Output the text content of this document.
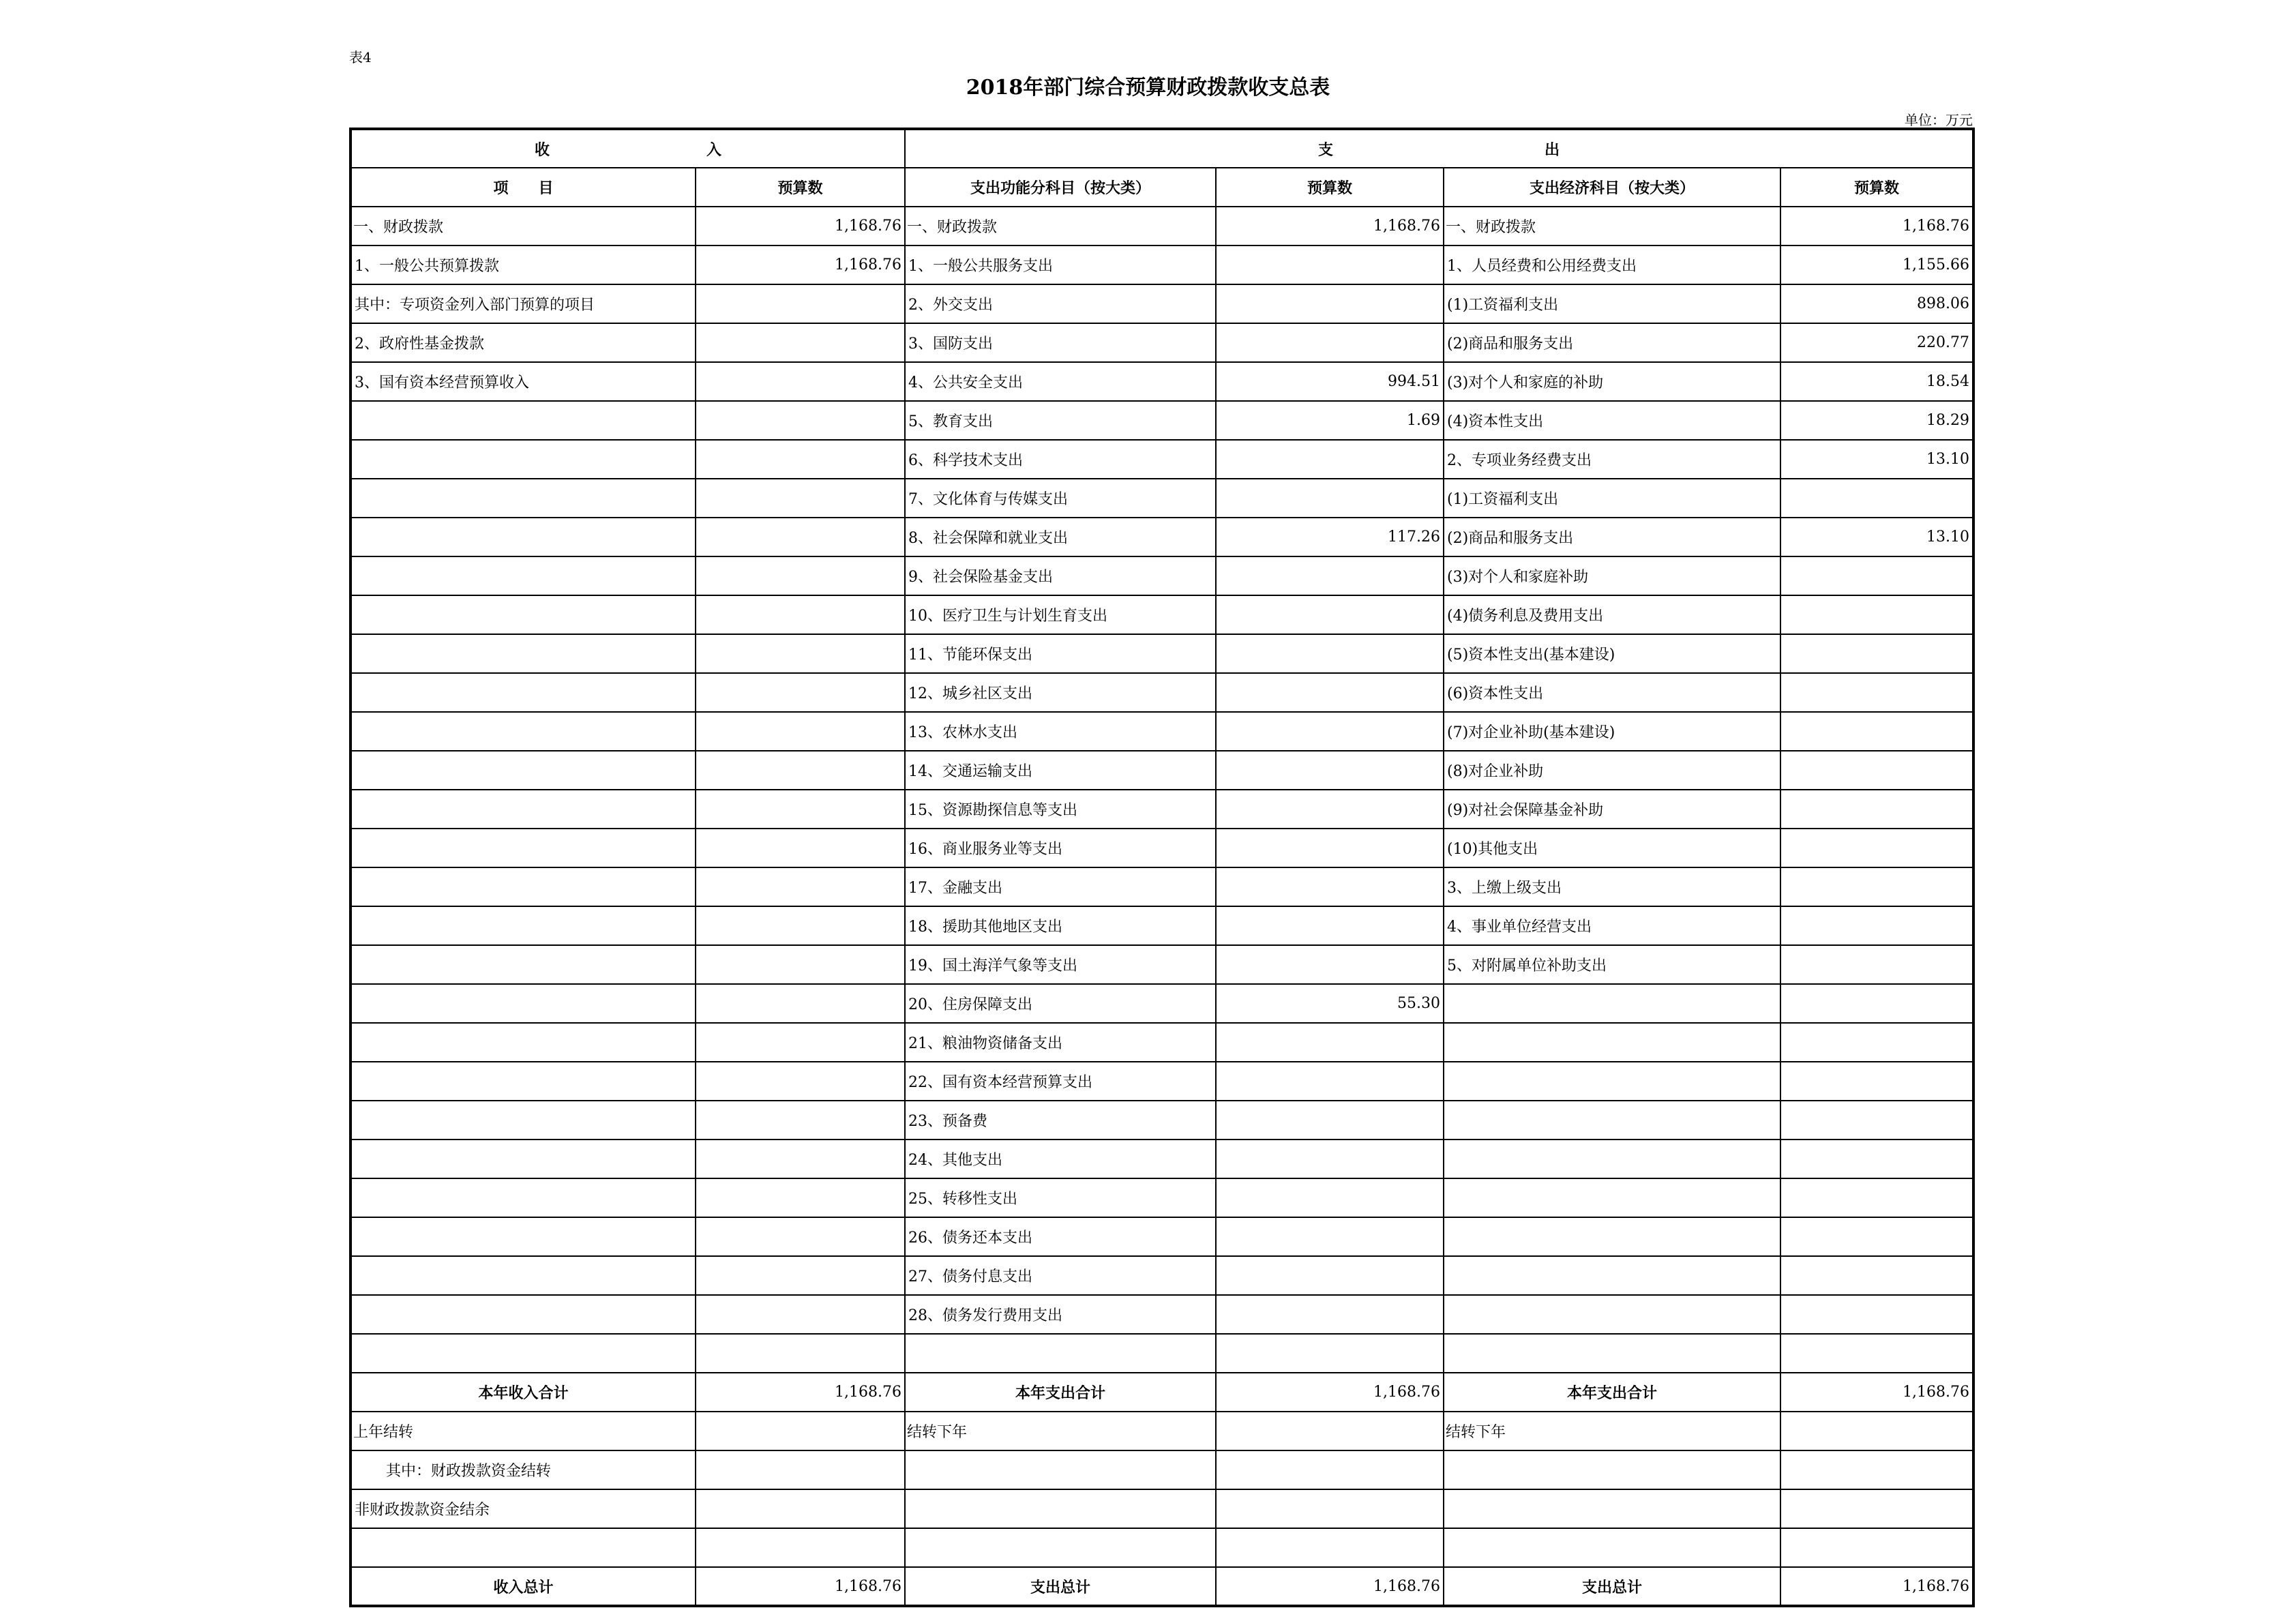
表4
2018年部门综合预算财政拨款收支总表
单位：万元
收 入		支 出			
项　　目	预算数	支出功能分科目（按大类）	预算数	支出经济科目（按大类）	预算数
一、财政拨款	1,168.76	一、财政拨款	1,168.76	一、财政拨款	1,168.76
1、一般公共预算拨款	1,168.76	1、一般公共服务支出		1、人员经费和公用经费支出	1,155.66
其中：专项资金列入部门预算的项目		2、外交支出		(1)工资福利支出	898.06
2、政府性基金拨款		3、国防支出		(2)商品和服务支出	220.77
3、国有资本经营预算收入		4、公共安全支出	994.51	(3)对个人和家庭的补助	18.54
		5、教育支出	1.69	(4)资本性支出	18.29
		6、科学技术支出		2、专项业务经费支出	13.10
		7、文化体育与传媒支出		(1)工资福利支出	
		8、社会保障和就业支出	117.26	(2)商品和服务支出	13.10
		9、社会保险基金支出		(3)对个人和家庭补助	
		10、医疗卫生与计划生育支出		(4)债务利息及费用支出	
		11、节能环保支出		(5)资本性支出(基本建设)	
		12、城乡社区支出		(6)资本性支出	
		13、农林水支出		(7)对企业补助(基本建设)	
		14、交通运输支出		(8)对企业补助	
		15、资源勘探信息等支出		(9)对社会保障基金补助	
		16、商业服务业等支出		(10)其他支出	
		17、金融支出		3、上缴上级支出	
		18、援助其他地区支出		4、事业单位经营支出	
		19、国土海洋气象等支出		5、对附属单位补助支出	
		20、住房保障支出	55.30		
		21、粮油物资储备支出			
		22、国有资本经营预算支出			
		23、预备费			
		24、其他支出			
		25、转移性支出			
		26、债务还本支出			
		27、债务付息支出			
		28、债务发行费用支出			

本年收入合计	1,168.76	本年支出合计	1,168.76	本年支出合计	1,168.76
上年结转		结转下年		结转下年	
其中：财政拨款资金结转					
非财政拨款资金结余					

收入总计	1,168.76	支出总计	1,168.76	支出总计	1,168.76
